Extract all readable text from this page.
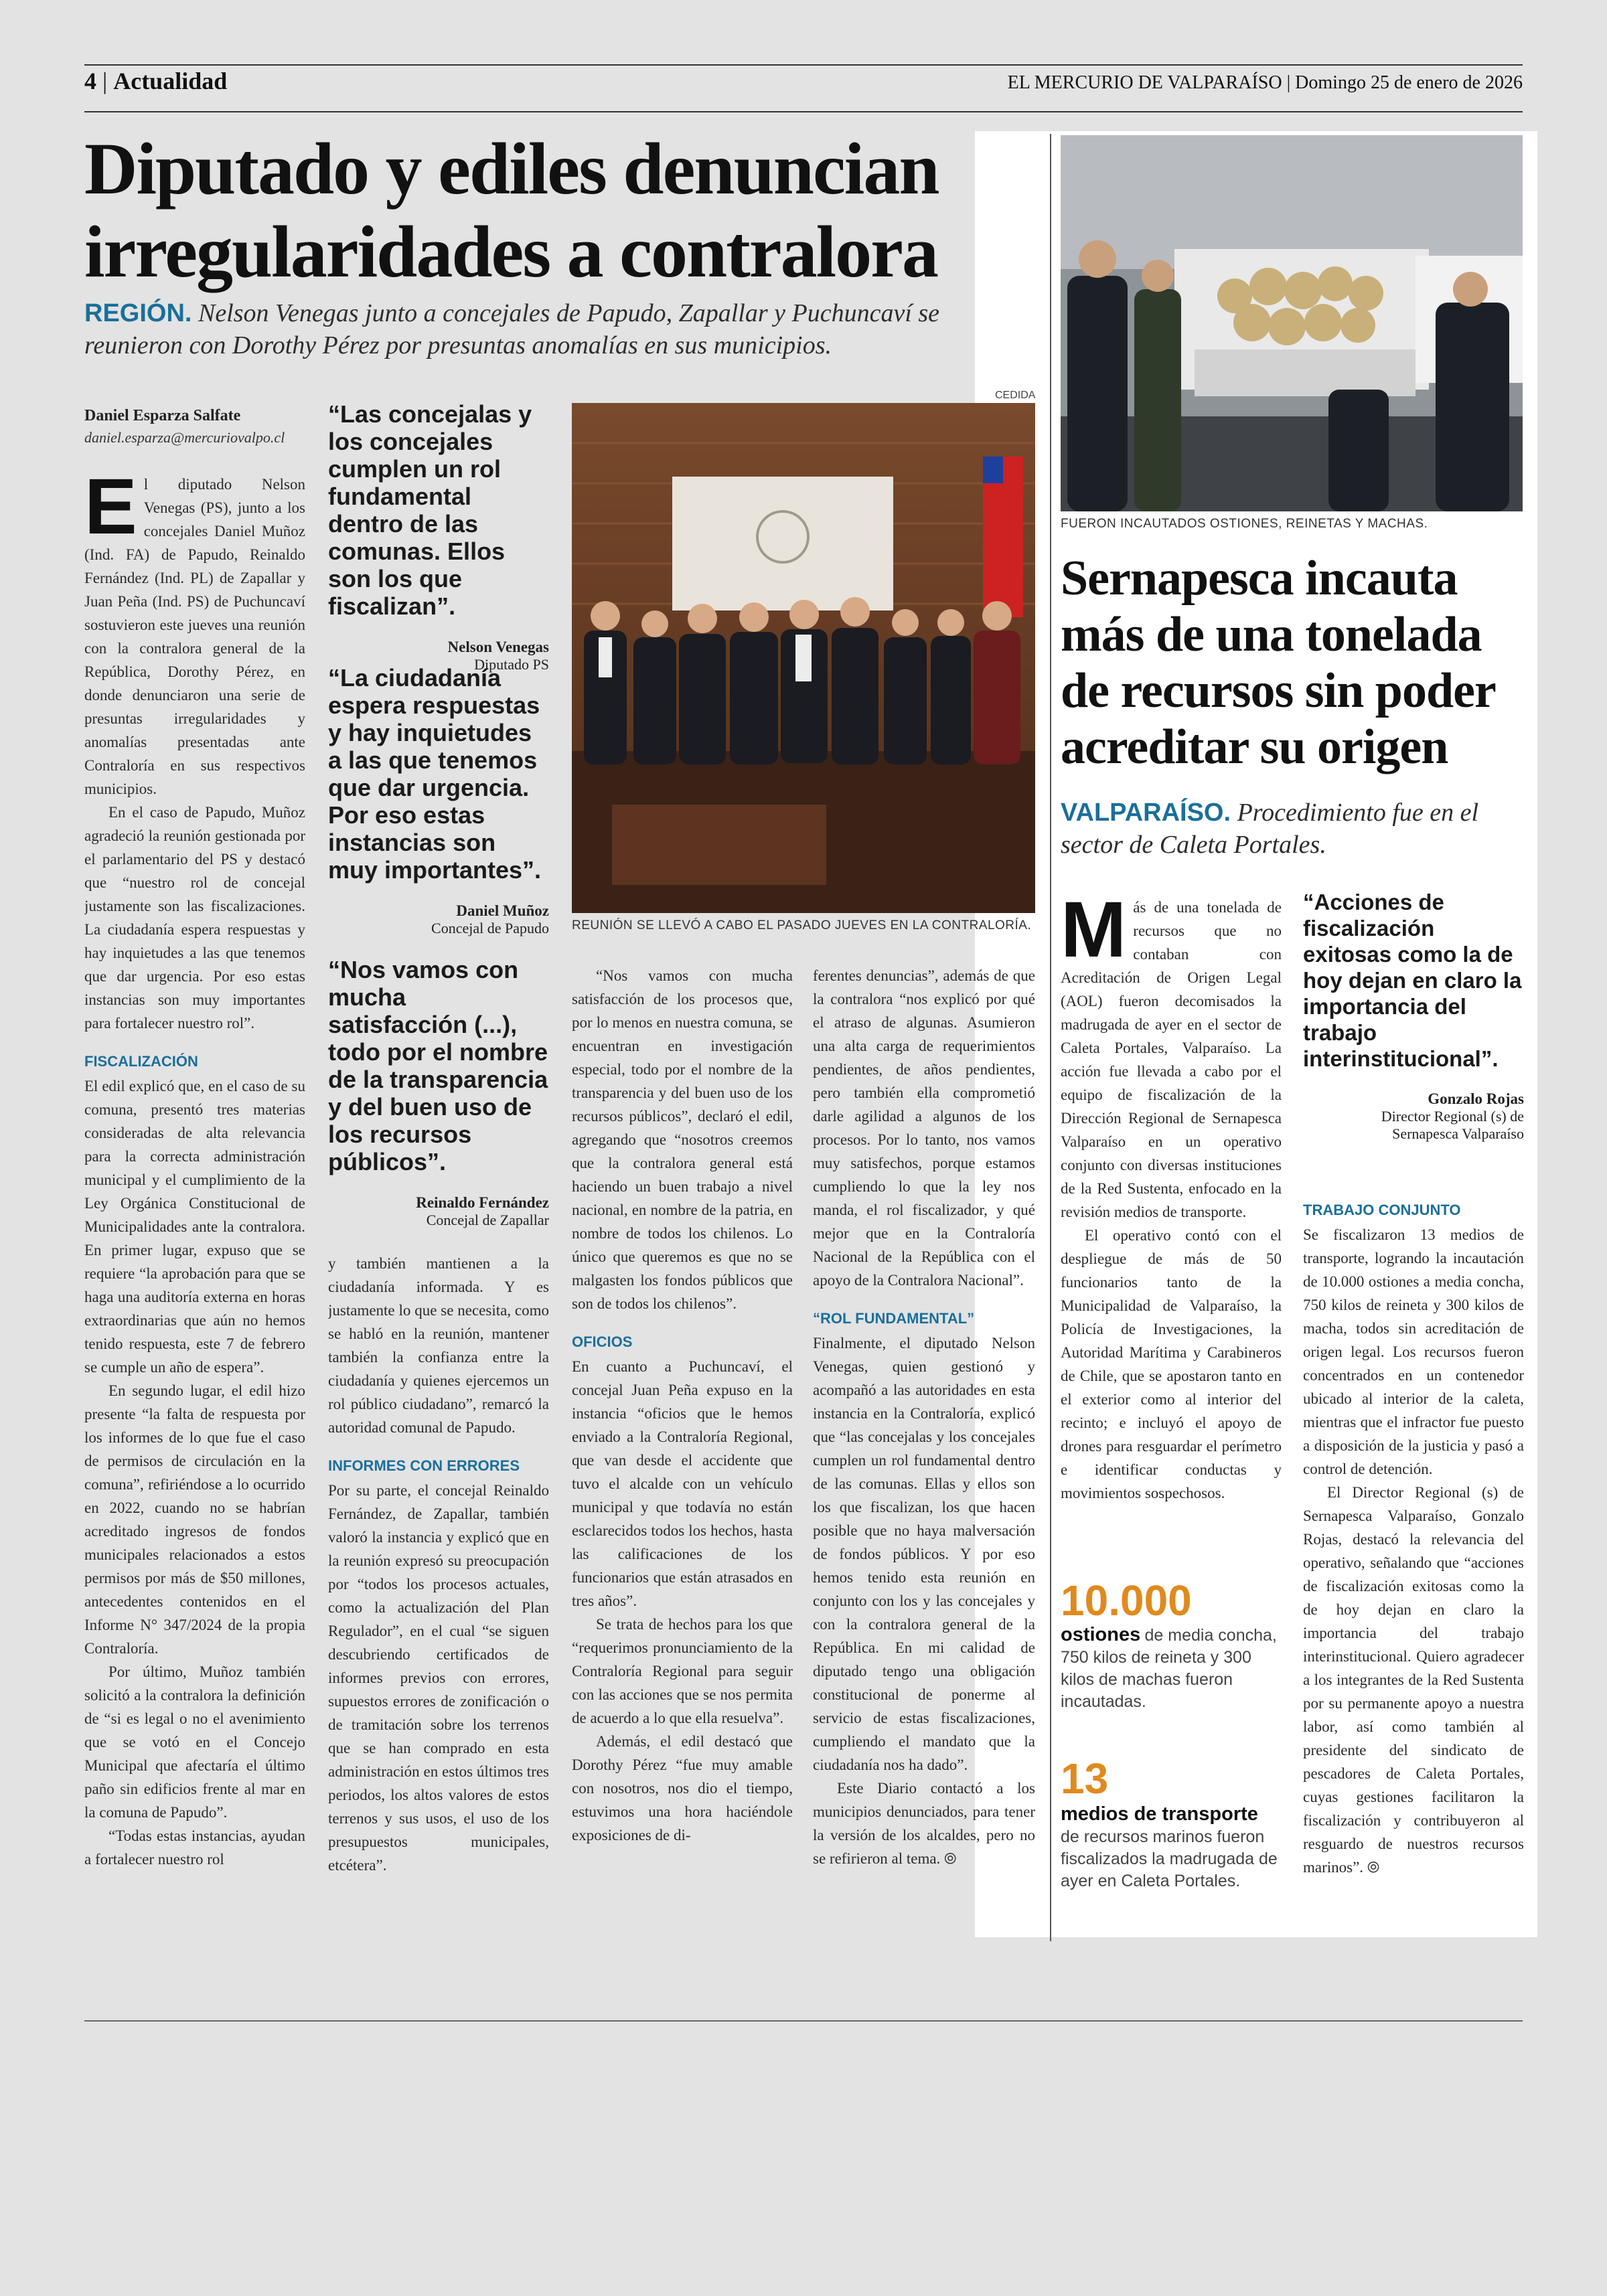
4 | Actualidad	EL MERCURIO DE VALPARAÍSO | Domingo 25 de enero de 2026
Diputado y ediles denuncian
irregularidades a contralora
REGIÓN. Nelson Venegas junto a concejales de Papudo, Zapallar y Puchuncaví se
reunieron con Dorothy Pérez por presuntas anomalías en sus municipios.
Daniel Esparza Salfate
daniel.esparza@mercuriovalpo.cl

El diputado Nelson Venegas (PS), junto a los concejales Daniel Muñoz (Ind. FA) de Papudo, Reinaldo Fernández (Ind. PL) de Zapallar y Juan Peña (Ind. PS) de Puchuncaví sostuvieron este jueves una reunión con la contralora general de la República, Dorothy Pérez, en donde denunciaron una serie de presuntas irregularidades y anomalías presentadas ante Contraloría en sus respectivos municipios.

En el caso de Papudo, Muñoz agradeció la reunión gestionada por el parlamentario del PS y destacó que “nuestro rol de concejal justamente son las fiscalizaciones. La ciudadanía espera respuestas y hay inquietudes a las que tenemos que dar urgencia. Por eso estas instancias son muy importantes para fortalecer nuestro rol”.

FISCALIZACIÓN

El edil explicó que, en el caso de su comuna, presentó tres materias consideradas de alta relevancia para la correcta administración municipal y el cumplimiento de la Ley Orgánica Constitucional de Municipalidades ante la contralora. En primer lugar, expuso que se requiere “la aprobación para que se haga una auditoría externa en horas extraordinarias que aún no hemos tenido respuesta, este 7 de febrero se cumple un año de espera”.

En segundo lugar, el edil hizo presente “la falta de respuesta por los informes de lo que fue el caso de permisos de circulación en la comuna”, refiriéndose a lo ocurrido en 2022, cuando no se habrían acreditado ingresos de fondos municipales relacionados a estos permisos por más de $50 millones, antecedentes contenidos en el Informe N° 347/2024 de la propia Contraloría.

Por último, Muñoz también solicitó a la contralora la definición de “si es legal o no el avenimiento que se votó en el Concejo Municipal que afectaría el último paño sin edificios frente al mar en la comuna de Papudo”.

“Todas estas instancias, ayudan a fortalecer nuestro rol

“Las concejalas y los concejales cumplen un rol fundamental dentro de las comunas. Ellos son los que fiscalizan”.
Nelson Venegas
Diputado PS
“La ciudadanía espera respuestas y hay inquietudes a las que tenemos que dar urgencia. Por eso estas instancias son muy importantes”.
Daniel Muñoz
Concejal de Papudo
“Nos vamos con mucha satisfacción (...), todo por el nombre de la transparencia y del buen uso de los recursos públicos”.
Reinaldo Fernández
Concejal de Zapallar

y también mantienen a la ciudadanía informada. Y es justamente lo que se necesita, como se habló en la reunión, mantener también la confianza entre la ciudadanía y quienes ejercemos un rol público ciudadano”, remarcó la autoridad comunal de Papudo.

INFORMES CON ERRORES

Por su parte, el concejal Reinaldo Fernández, de Zapallar, también valoró la instancia y explicó que en la reunión expresó su preocupación por “todos los procesos actuales, como la actualización del Plan Regulador”, en el cual “se siguen descubriendo certificados de informes previos con errores, supuestos errores de zonificación o de tramitación sobre los terrenos que se han comprado en esta administración en estos últimos tres periodos, los altos valores de estos terrenos y sus usos, el uso de los presupuestos municipales, etcétera”.

CEDIDA
REUNIÓN SE LLEVÓ A CABO EL PASADO JUEVES EN LA CONTRALORÍA.

“Nos vamos con mucha satisfacción de los procesos que, por lo menos en nuestra comuna, se encuentran en investigación especial, todo por el nombre de la transparencia y del buen uso de los recursos públicos”, declaró el edil, agregando que “nosotros creemos que la contralora general está haciendo un buen trabajo a nivel nacional, en nombre de la patria, en nombre de todos los chilenos. Lo único que queremos es que no se malgasten los fondos públicos que son de todos los chilenos”.

OFICIOS

En cuanto a Puchuncaví, el concejal Juan Peña expuso en la instancia “oficios que le hemos enviado a la Contraloría Regional, que van desde el accidente que tuvo el alcalde con un vehículo municipal y que todavía no están esclarecidos todos los hechos, hasta las calificaciones de los funcionarios que están atrasados en tres años”.

Se trata de hechos para los que “requerimos pronunciamiento de la Contraloría Regional para seguir con las acciones que se nos permita de acuerdo a lo que ella resuelva”.

Además, el edil destacó que Dorothy Pérez “fue muy amable con nosotros, nos dio el tiempo, estuvimos una hora haciéndole exposiciones de di-

ferentes denuncias”, además de que la contralora “nos explicó por qué el atraso de algunas. Asumieron una alta carga de requerimientos pendientes, de años pendientes, pero también ella comprometió darle agilidad a algunos de los procesos. Por lo tanto, nos vamos muy satisfechos, porque estamos cumpliendo lo que la ley nos manda, el rol fiscalizador, y qué mejor que en la Contraloría Nacional de la República con el apoyo de la Contralora Nacional”.

“ROL FUNDAMENTAL”

Finalmente, el diputado Nelson Venegas, quien gestionó y acompañó a las autoridades en esta instancia en la Contraloría, explicó que “las concejalas y los concejales cumplen un rol fundamental dentro de las comunas. Ellas y ellos son los que fiscalizan, los que hacen posible que no haya malversación de fondos públicos. Y por eso hemos tenido esta reunión en conjunto con los y las concejales y con la contralora general de la República. En mi calidad de diputado tengo una obligación constitucional de ponerme al servicio de estas fiscalizaciones, cumpliendo el mandato que la ciudadanía nos ha dado”.

Este Diario contactó a los municipios denunciados, para tener la versión de los alcaldes, pero no se refirieron al tema. ⦾

FUERON INCAUTADOS OSTIONES, REINETAS Y MACHAS.
Sernapesca incauta
más de una tonelada
de recursos sin poder
acreditar su origen
VALPARAÍSO. Procedimiento fue en el
sector de Caleta Portales.

Más de una tonelada de recursos que no contaban con Acreditación de Origen Legal (AOL) fueron decomisados la madrugada de ayer en el sector de Caleta Portales, Valparaíso. La acción fue llevada a cabo por el equipo de fiscalización de la Dirección Regional de Sernapesca Valparaíso en un operativo conjunto con diversas instituciones de la Red Sustenta, enfocado en la revisión medios de transporte.

El operativo contó con el despliegue de más de 50 funcionarios tanto de la Municipalidad de Valparaíso, la Policía de Investigaciones, la Autoridad Marítima y Carabineros de Chile, que se apostaron tanto en el exterior como al interior del recinto; e incluyó el apoyo de drones para resguardar el perímetro e identificar conductas y movimientos sospechosos.

10.000
ostiones de media concha, 750 kilos de reineta y 300 kilos de machas fueron incautadas.
13
medios de transporte
de recursos marinos fueron fiscalizados la madrugada de ayer en Caleta Portales.
“Acciones de fiscalización exitosas como la de hoy dejan en claro la importancia del trabajo interinstitucional”.
Gonzalo Rojas
Director Regional (s) de
Sernapesca Valparaíso
TRABAJO CONJUNTO

Se fiscalizaron 13 medios de transporte, logrando la incautación de 10.000 ostiones a media concha, 750 kilos de reineta y 300 kilos de macha, todos sin acreditación de origen legal. Los recursos fueron concentrados en un contenedor ubicado al interior de la caleta, mientras que el infractor fue puesto a disposición de la justicia y pasó a control de detención.

El Director Regional (s) de Sernapesca Valparaíso, Gonzalo Rojas, destacó la relevancia del operativo, señalando que “acciones de fiscalización exitosas como la de hoy dejan en claro la importancia del trabajo interinstitucional. Quiero agradecer a los integrantes de la Red Sustenta por su permanente apoyo a nuestra labor, así como también al presidente del sindicato de pescadores de Caleta Portales, cuyas gestiones facilitaron la fiscalización y contribuyeron al resguardo de nuestros recursos marinos”. ⦾
